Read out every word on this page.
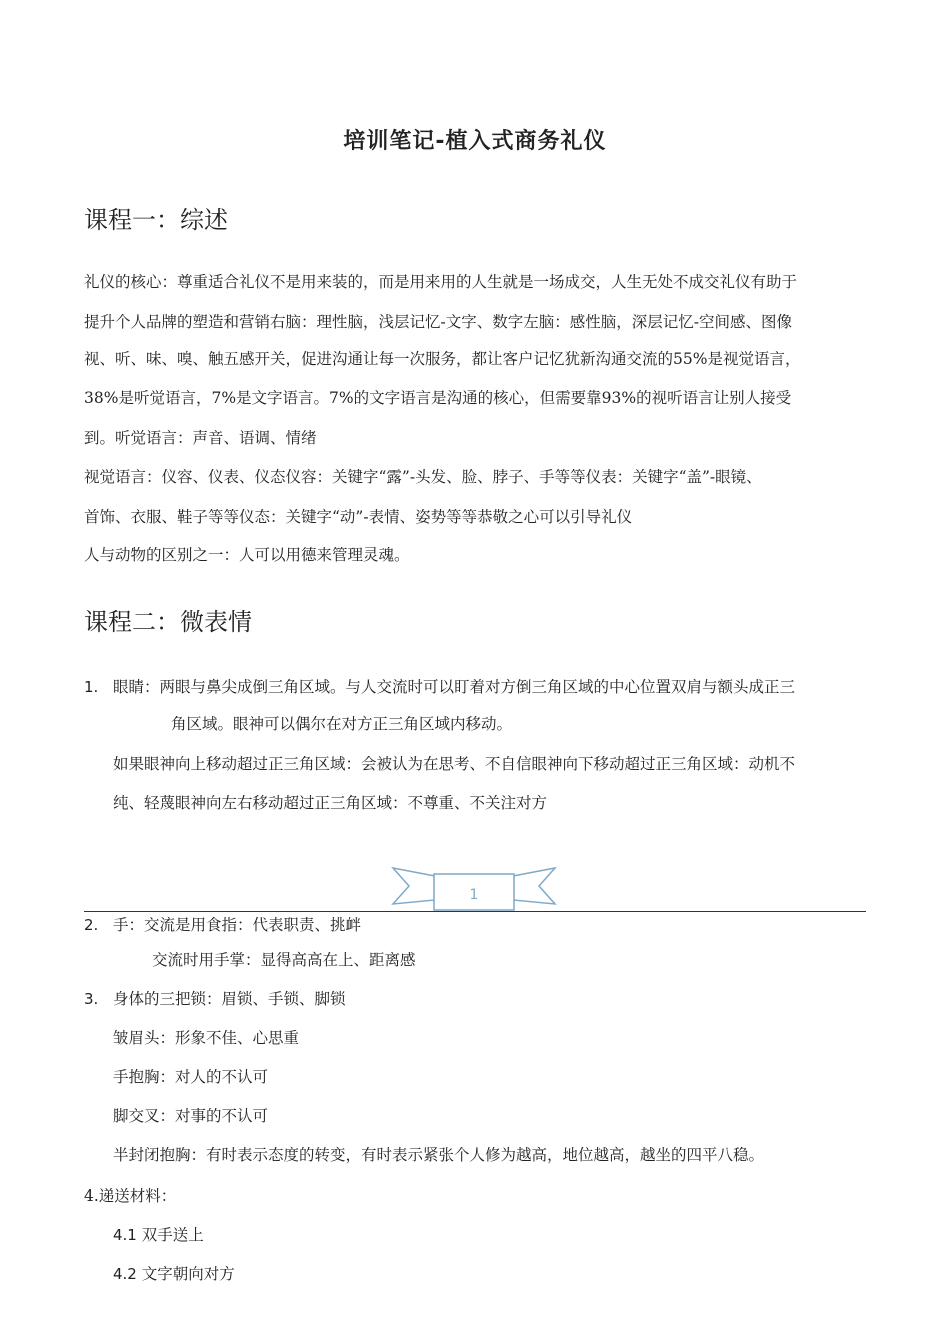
培训笔记-植入式商务礼仪
课程一：综述
礼仪的核心：尊重适合礼仪不是用来装的，而是用来用的人生就是一场成交，人生无处不成交礼仪有助于
提升个人品牌的塑造和营销右脑：理性脑，浅层记忆-文字、数字左脑：感性脑，深层记忆-空间感、图像
视、听、味、嗅、触五感开关，促进沟通让每一次服务，都让客户记忆犹新沟通交流的55%是视觉语言，
38%是听觉语言，7%是文字语言。7%的文字语言是沟通的核心，但需要靠93%的视听语言让别人接受
到。听觉语言：声音、语调、情绪
视觉语言：仪容、仪表、仪态仪容：关键字“露”-头发、脸、脖子、手等等仪表：关键字“盖”-眼镜、
首饰、衣服、鞋子等等仪态：关键字“动”-表情、姿势等等恭敬之心可以引导礼仪
人与动物的区别之一：人可以用德来管理灵魂。
课程二：微表情
1. 眼睛：两眼与鼻尖成倒三角区域。与人交流时可以盯着对方倒三角区域的中心位置双肩与额头成正三
角区域。眼神可以偶尔在对方正三角区域内移动。
如果眼神向上移动超过正三角区域：会被认为在思考、不自信眼神向下移动超过正三角区域：动机不
纯、轻蔑眼神向左右移动超过正三角区域：不尊重、不关注对方
1
2. 手：交流是用食指：代表职责、挑衅
交流时用手掌：显得高高在上、距离感
3. 身体的三把锁：眉锁、手锁、脚锁
皱眉头：形象不佳、心思重
手抱胸：对人的不认可
脚交叉：对事的不认可
半封闭抱胸：有时表示态度的转变，有时表示紧张个人修为越高，地位越高，越坐的四平八稳。
4.递送材料：
4.1 双手送上
4.2 文字朝向对方
